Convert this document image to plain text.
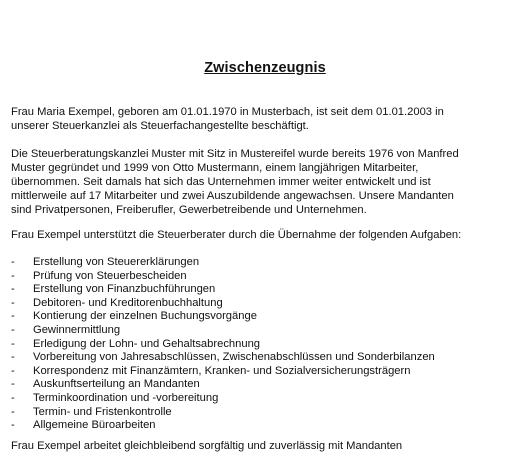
Zwischenzeugnis

Frau Maria Exempel, geboren am 01.01.1970 in Musterbach, ist seit dem 01.01.2003 in
unserer Steuerkanzlei als Steuerfachangestellte beschäftigt.

Die Steuerberatungskanzlei Muster mit Sitz in Mustereifel wurde bereits 1976 von Manfred
Muster gegründet und 1999 von Otto Mustermann, einem langjährigen Mitarbeiter,
übernommen. Seit damals hat sich das Unternehmen immer weiter entwickelt und ist
mittlerweile auf 17 Mitarbeiter und zwei Auszubildende angewachsen. Unsere Mandanten
sind Privatpersonen, Freiberufler, Gewerbetreibende und Unternehmen.

Frau Exempel unterstützt die Steuerberater durch die Übernahme der folgenden Aufgaben:

- Erstellung von Steuererklärungen
- Prüfung von Steuerbescheiden
- Erstellung von Finanzbuchführungen
- Debitoren- und Kreditorenbuchhaltung
- Kontierung der einzelnen Buchungsvorgänge
- Gewinnermittlung
- Erledigung der Lohn- und Gehaltsabrechnung
- Vorbereitung von Jahresabschlüssen, Zwischenabschlüssen und Sonderbilanzen
- Korrespondenz mit Finanzämtern, Kranken- und Sozialversicherungsträgern
- Auskunftserteilung an Mandanten
- Terminkoordination und -vorbereitung
- Termin- und Fristenkontrolle
- Allgemeine Büroarbeiten

Frau Exempel arbeitet gleichbleibend sorgfältig und zuverlässig mit Mandanten
